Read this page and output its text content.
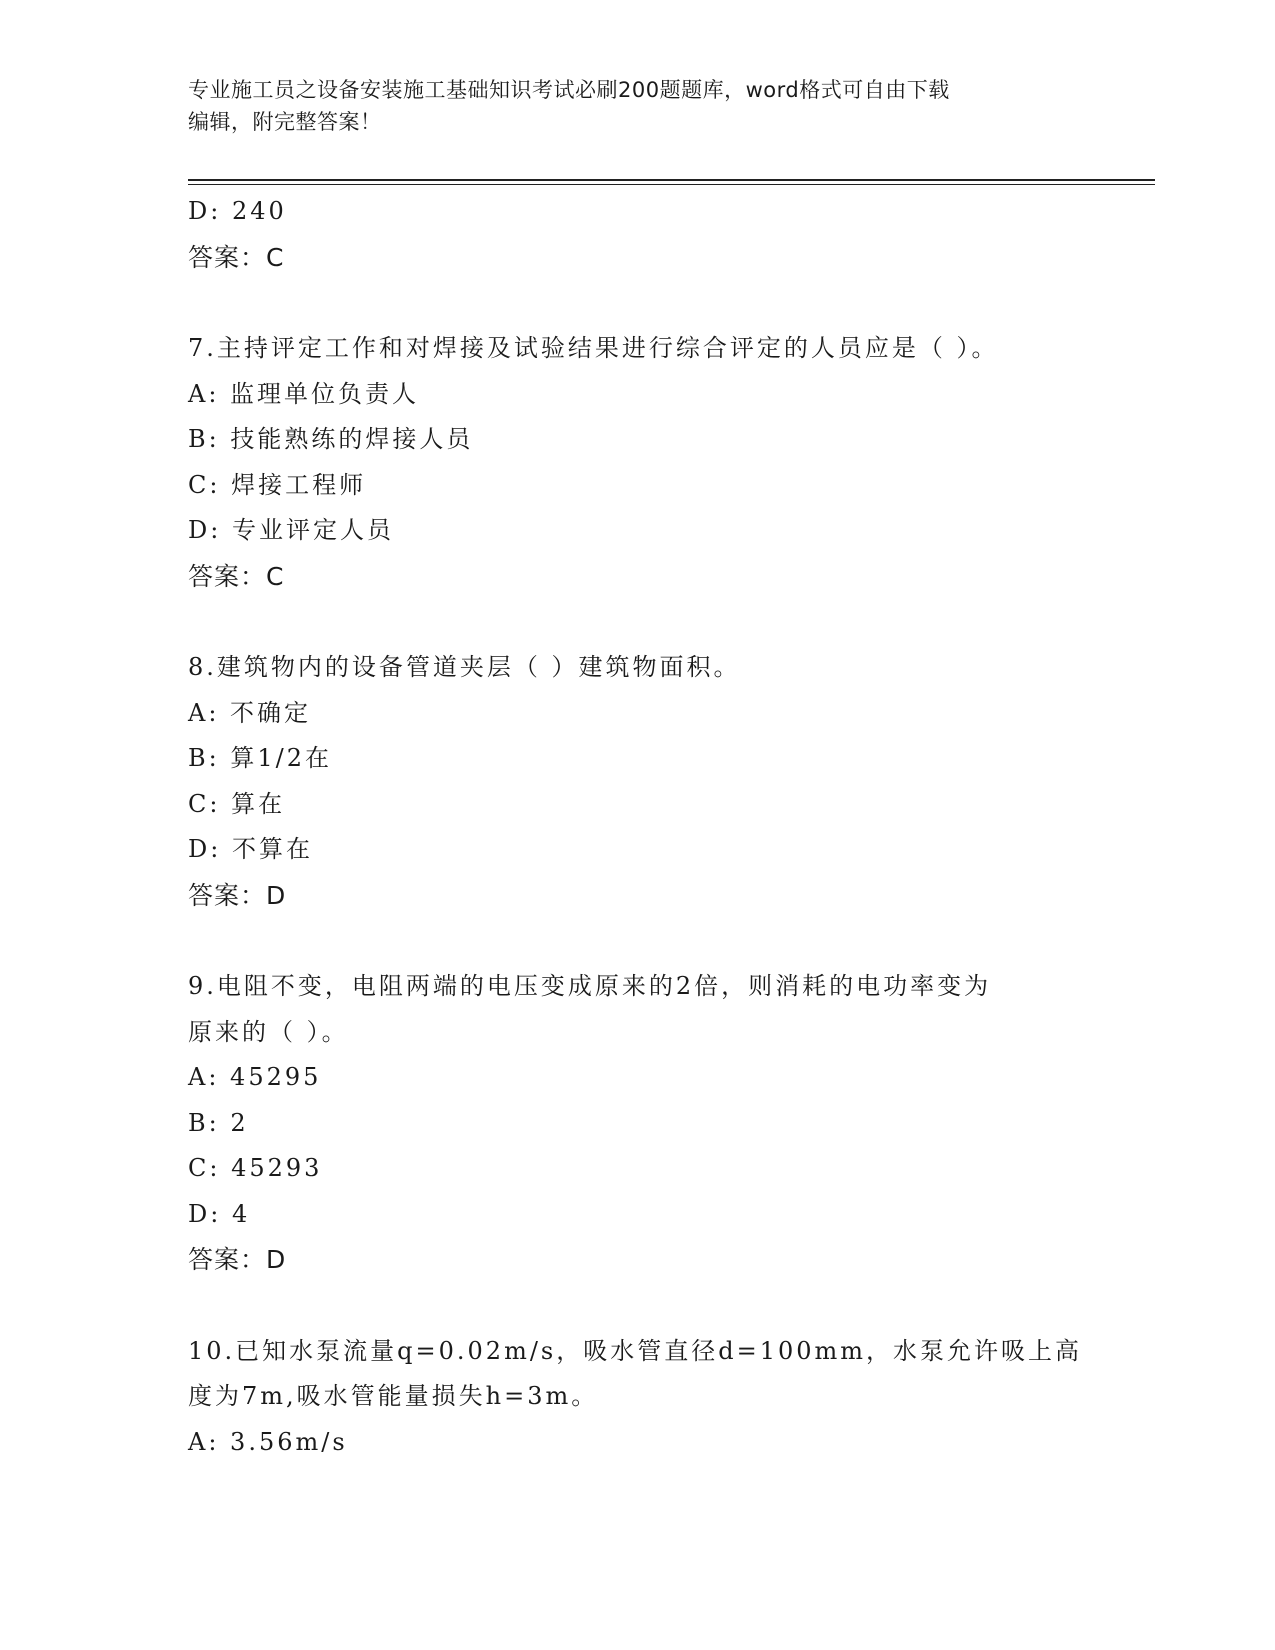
专业施工员之设备安装施工基础知识考试必刷200题题库，word格式可自由下载
编辑，附完整答案！
D: 240
答案：C
7.主持评定工作和对焊接及试验结果进行综合评定的人员应是（ ）。
A: 监理单位负责人
B: 技能熟练的焊接人员
C: 焊接工程师
D: 专业评定人员
答案：C
8.建筑物内的设备管道夹层（ ）建筑物面积。
A: 不确定
B: 算1/2在
C: 算在
D: 不算在
答案：D
9.电阻不变，电阻两端的电压变成原来的2倍，则消耗的电功率变为
原来的（ ）。
A: 45295
B: 2
C: 45293
D: 4
答案：D
10.已知水泵流量q=0.02m/s，吸水管直径d=100mm，水泵允许吸上高
度为7m,吸水管能量损失h=3m。
A: 3.56m/s
